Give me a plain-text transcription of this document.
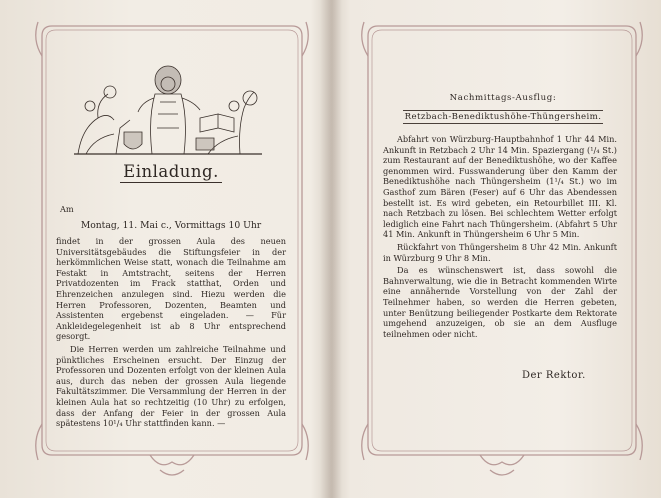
Einladung.
Am
Montag, 11. Mai c., Vormittags 10 Uhr

findet in der grossen Aula des neuen Universitätsgebäudes die Stiftungsfeier in der herkömmlichen Weise statt, wonach die Teilnahme am Festakt in Amtstracht, seitens der Herren Privatdozenten im Frack statthat, Orden und Ehrenzeichen anzulegen sind. Hiezu werden die Herren Professoren, Dozenten, Beamten und Assistenten ergebenst eingeladen. — Für Ankleidegelegenheit ist ab 8 Uhr entsprechend gesorgt.

Die Herren werden um zahlreiche Teilnahme und pünktliches Erscheinen ersucht. Der Einzug der Professoren und Dozenten erfolgt von der kleinen Aula aus, durch das neben der grossen Aula liegende Fakultätszimmer. Die Versammlung der Herren in der kleinen Aula hat so rechtzeitig (10 Uhr) zu erfolgen, dass der Anfang der Feier in der grossen Aula spätestens 10¹/₄ Uhr stattfinden kann. —

Nachmittags-Ausflug:
Retzbach-Benediktushöhe-Thüngersheim.

Abfahrt von Würzburg-Hauptbahnhof 1 Uhr 44 Min. Ankunft in Retzbach 2 Uhr 14 Min. Spaziergang (¹/₄ St.) zum Restaurant auf der Benediktushöhe, wo der Kaffee genommen wird. Fusswanderung über den Kamm der Benediktushöhe nach Thüngersheim (1¹/₄ St.) wo im Gasthof zum Bären (Feser) auf 6 Uhr das Abendessen bestellt ist. Es wird gebeten, ein Retourbillet III. Kl. nach Retzbach zu lösen. Bei schlechtem Wetter erfolgt lediglich eine Fahrt nach Thüngersheim. (Abfahrt 5 Uhr 41 Min. Ankunft in Thüngersheim 6 Uhr 5 Min.

Rückfahrt von Thüngersheim 8 Uhr 42 Min. Ankunft in Würzburg 9 Uhr 8 Min.

Da es wünschenswert ist, dass sowohl die Bahnverwaltung, wie die in Betracht kommenden Wirte eine annähernde Vorstellung von der Zahl der Teilnehmer haben, so werden die Herren gebeten, unter Benützung beiliegender Postkarte dem Rektorate umgehend anzuzeigen, ob sie an dem Ausfluge teilnehmen oder nicht.

Der Rektor.
